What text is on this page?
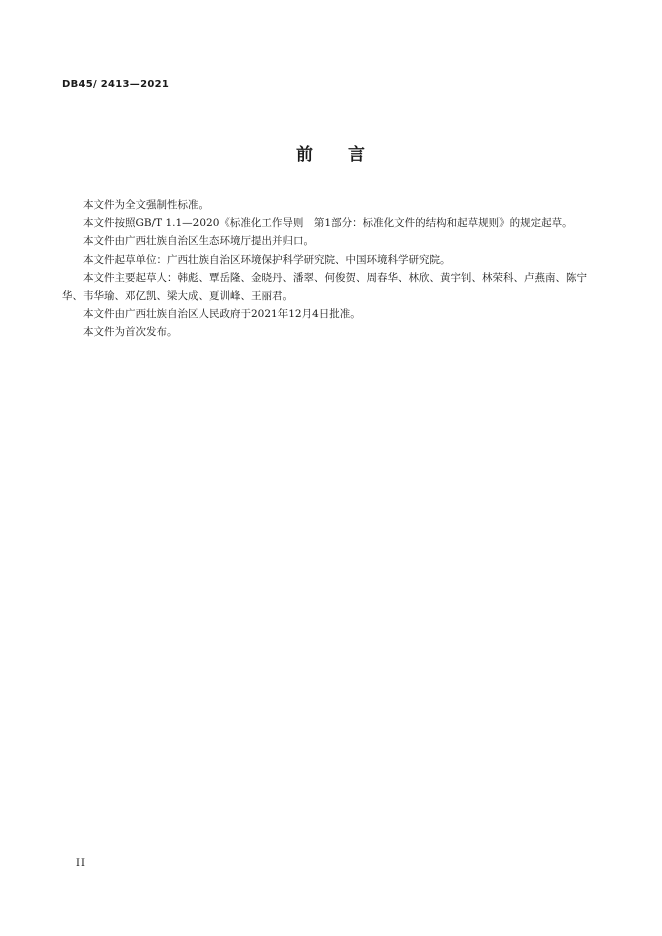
DB45/ 2413—2021
前 言

本文件为全文强制性标准。

本文件按照GB/T 1.1—2020《标准化工作导则　第1部分：标准化文件的结构和起草规则》的规定起草。

本文件由广西壮族自治区生态环境厅提出并归口。

本文件起草单位：广西壮族自治区环境保护科学研究院、中国环境科学研究院。

本文件主要起草人：韩彪、覃岳隆、金晓丹、潘翠、何俊贺、周春华、林欣、黄宇钊、林荣科、卢燕南、陈宁华、韦华瑜、邓亿凯、梁大成、夏训峰、王丽君。

本文件由广西壮族自治区人民政府于2021年12月4日批准。

本文件为首次发布。

II
